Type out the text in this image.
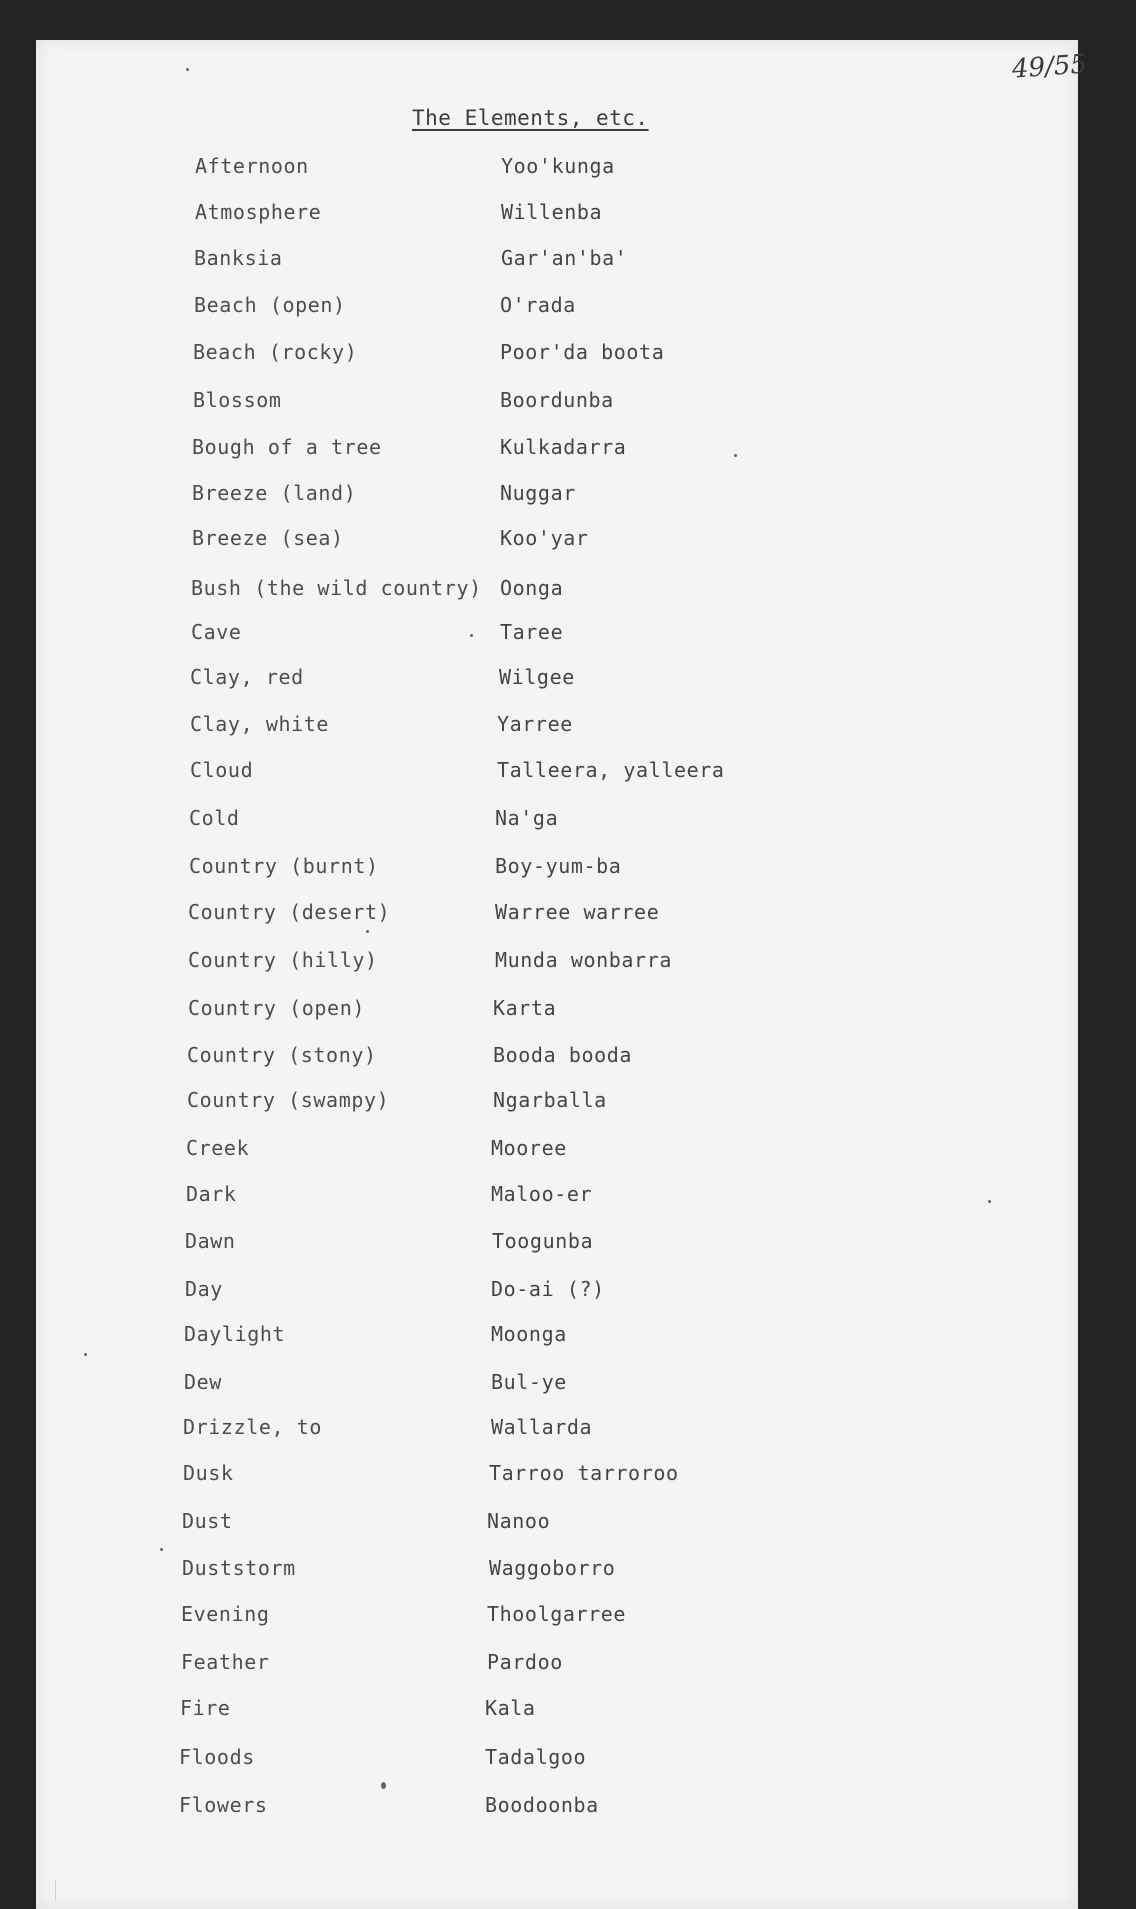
49/55
The Elements, etc.
Afternoon	Yoo'kunga
Atmosphere	Willenba
Banksia	Gar'an'ba'
Beach (open)	O'rada
Beach (rocky)	Poor'da boota
Blossom	Boordunba
Bough of a tree	Kulkadarra
Breeze (land)	Nuggar
Breeze (sea)	Koo'yar
Bush (the wild country) Oonga
Cave	Taree
Clay, red	Wilgee
Clay, white	Yarree
Cloud	Talleera, yalleera
Cold	Na'ga
Country (burnt)	Boy-yum-ba
Country (desert)	Warree warree
Country (hilly)	Munda wonbarra
Country (open)	Karta
Country (stony)	Booda booda
Country (swampy)	Ngarballa
Creek	Mooree
Dark	Maloo-er
Dawn	Toogunba
Day	Do-ai (?)
Daylight	Moonga
Dew	Bul-ye
Drizzle, to	Wallarda
Dusk	Tarroo tarroroo
Dust	Nanoo
Duststorm	Waggoborro
Evening	Thoolgarree
Feather	Pardoo
Fire	Kala
Floods	Tadalgoo
Flowers	Boodoonba
